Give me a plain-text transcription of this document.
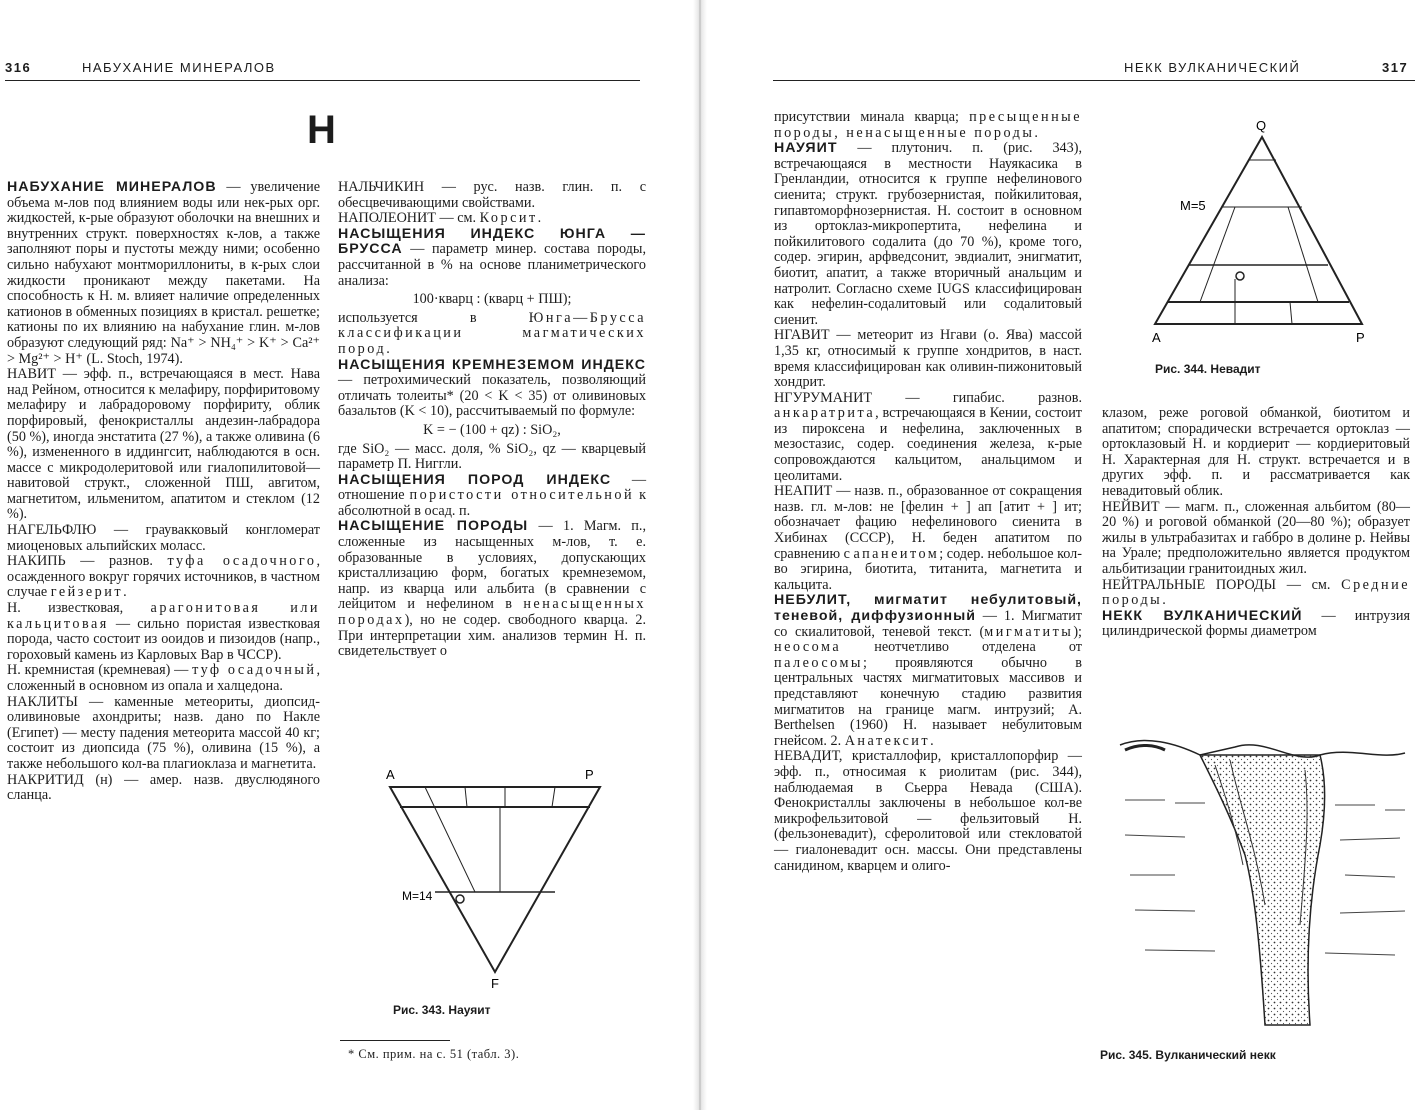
316	НАБУХАНИЕ МИНЕРАЛОВ
Н

НАБУХАНИЕ МИНЕРАЛОВ — увеличение объема м-лов под влиянием воды или нек-рых орг. жидкостей, к-рые образуют оболочки на внешних и внутренних структ. поверхностях к-лов, а также заполняют поры и пустоты между ними; особенно сильно набухают монтмориллониты, в к-рых слои жидкости проникают между пакетами. На способность к Н. м. влияет наличие определенных катионов в обменных позициях в кристал. решетке; катионы по их влиянию на набухание глин. м-лов образуют следующий ряд: Na⁺ > NH₄⁺ > K⁺ > Ca²⁺ > Mg²⁺ > H⁺ (L. Stoch, 1974).

НАВИТ — эфф. п., встречающаяся в мест. Нава над Рейном, относится к мелафиру, порфиритовому мелафиру и лабрадоровому порфириту, облик порфировый, фенокристаллы андезин-лабрадора (50 %), иногда энстатита (27 %), а также оливина (6 %), измененного в иддингсит, наблюдаются в осн. массе с микродолеритовой или гиалопилитовой—навитовой структ., сложенной ПШ, авгитом, магнетитом, ильменитом, апатитом и стеклом (12 %).

НАГЕЛЬФЛЮ — граувакковый конгломерат миоценовых альпийских моласс.

НАКИПЬ — разнов. туфа осадочного, осажденного вокруг горячих источников, в частном случае гейзерит.

Н. известковая, арагонитовая или кальцитовая — сильно пористая известковая порода, часто состоит из ооидов и пизоидов (напр., гороховый камень из Карловых Вар в ЧССР).

Н. кремнистая (кремневая) — туф осадочный, сложенный в основном из опала и халцедона.

НАКЛИТЫ — каменные метеориты, диопсид-оливиновые ахондриты; назв. дано по Накле (Египет) — месту падения метеорита массой 40 кг; состоит из диопсида (75 %), оливина (15 %), а также небольшого кол-ва плагиоклаза и магнетита.

НАКРИТИД (н) — амер. назв. двуслюдяного сланца.

НАЛЬЧИКИН — рус. назв. глин. п. с обесцвечивающими свойствами.

НАПОЛЕОНИТ — см. Корсит.

НАСЫЩЕНИЯ ИНДЕКС ЮНГА — БРУССА — параметр минер. состава породы, рассчитанной в % на основе планиметрического анализа:

100·кварц : (кварц + ПШ);

используется в Юнга—Брусса классификации магматических пород.

НАСЫЩЕНИЯ КРЕМНЕЗЕМОМ ИНДЕКС — петрохимический показатель, позволяющий отличать толеиты* (20 < K < 35) от оливиновых базальтов (K < 10), рассчитываемый по формуле:

K = − (100 + qz) : SiO₂,

где SiO₂ — масс. доля, % SiO₂, qz — кварцевый параметр П. Ниггли.

НАСЫЩЕНИЯ ПОРОД ИНДЕКС — отношение пористости относительной к абсолютной в осад. п.

НАСЫЩЕНИЕ ПОРОДЫ — 1. Магм. п., сложенные из насыщенных м-лов, т. е. образованные в условиях, допускающих кристаллизацию форм, богатых кремнеземом, напр. из кварца или альбита (в сравнении с лейцитом и нефелином в ненасыщенных породах), но не содер. свободного кварца. 2. При интерпретации хим. анализов термин Н. п. свидетельствует о

A	P
F
M=14
Рис. 343. Науяит
* См. прим. на с. 51 (табл. 3).
НЕКК ВУЛКАНИЧЕСКИЙ	317

присутствии минала кварца; пресыщенные породы, ненасыщенные породы.

НАУЯИТ — плутонич. п. (рис. 343), встречающаяся в местности Науякасика в Гренландии, относится к группе нефелинового сиенита; структ. грубозернистая, пойкилитовая, гипавтоморфнозернистая. Н. состоит в основном из ортоклаз-микропертита, нефелина и пойкилитового содалита (до 70 %), кроме того, содер. эгирин, арфведсонит, эвдиалит, энигматит, биотит, апатит, а также вторичный анальцим и натролит. Согласно схеме IUGS классифицирован как нефелин-содалитовый или содалитовый сиенит.

НГАВИТ — метеорит из Нгави (о. Ява) массой 1,35 кг, относимый к группе хондритов, в наст. время классифицирован как оливин-пижонитовый хондрит.

НГУРУМАНИТ — гипабис. разнов. анкаратрита, встречающаяся в Кении, состоит из пироксена и нефелина, заключенных в мезостазис, содер. соединения железа, к-рые сопровождаются кальцитом, анальцимом и цеолитами.

НЕАПИТ — назв. п., образованное от сокращения назв. гл. м-лов: не [фелин + ] ап [атит + ] ит; обозначает фацию нефелинового сиенита в Хибинах (СССР), Н. беден апатитом по сравнению с апанеитом; содер. небольшое кол-во эгирина, биотита, титанита, магнетита и кальцита.

НЕБУЛИТ, мигматит небулитовый, теневой, диффузионный — 1. Мигматит со скиалитовой, теневой текст. (мигматиты); неосома неотчетливо отделена от палеосомы; проявляются обычно в центральных частях мигматитовых массивов и представляют конечную стадию развития мигматитов на границе магм. интрузий; A. Berthelsen (1960) Н. называет небулитовым гнейсом. 2. Анатексит.

НЕВАДИТ, кристаллофир, кристаллопорфир — эфф. п., относимая к риолитам (рис. 344), наблюдаемая в Сьерра Невада (США). Фенокристаллы заключены в небольшое кол-ве микрофельзитовой — фельзитовый Н. (фельзоневадит), сферолитовой или стекловатой — гиалоневадит осн. массы. Они представлены санидином, кварцем и олиго-

Q
A	P
M=5
Рис. 344. Невадит

клазом, реже роговой обманкой, биотитом и апатитом; спорадически встречается ортоклаз — ортоклазовый Н. и кордиерит — кордиеритовый Н. Характерная для Н. структ. встречается и в других эфф. п. и рассматривается как невадитовый облик.

НЕЙВИТ — магм. п., сложенная альбитом (80—20 %) и роговой обманкой (20—80 %); образует жилы в ультрабазитах и габбро в долине р. Нейвы на Урале; предположительно является продуктом альбитизации гранитоидных жил.

НЕЙТРАЛЬНЫЕ ПОРОДЫ — см. Средние породы.

НЕКК ВУЛКАНИЧЕСКИЙ — интрузия цилиндрической формы диаметром

Рис. 345. Вулканический некк
